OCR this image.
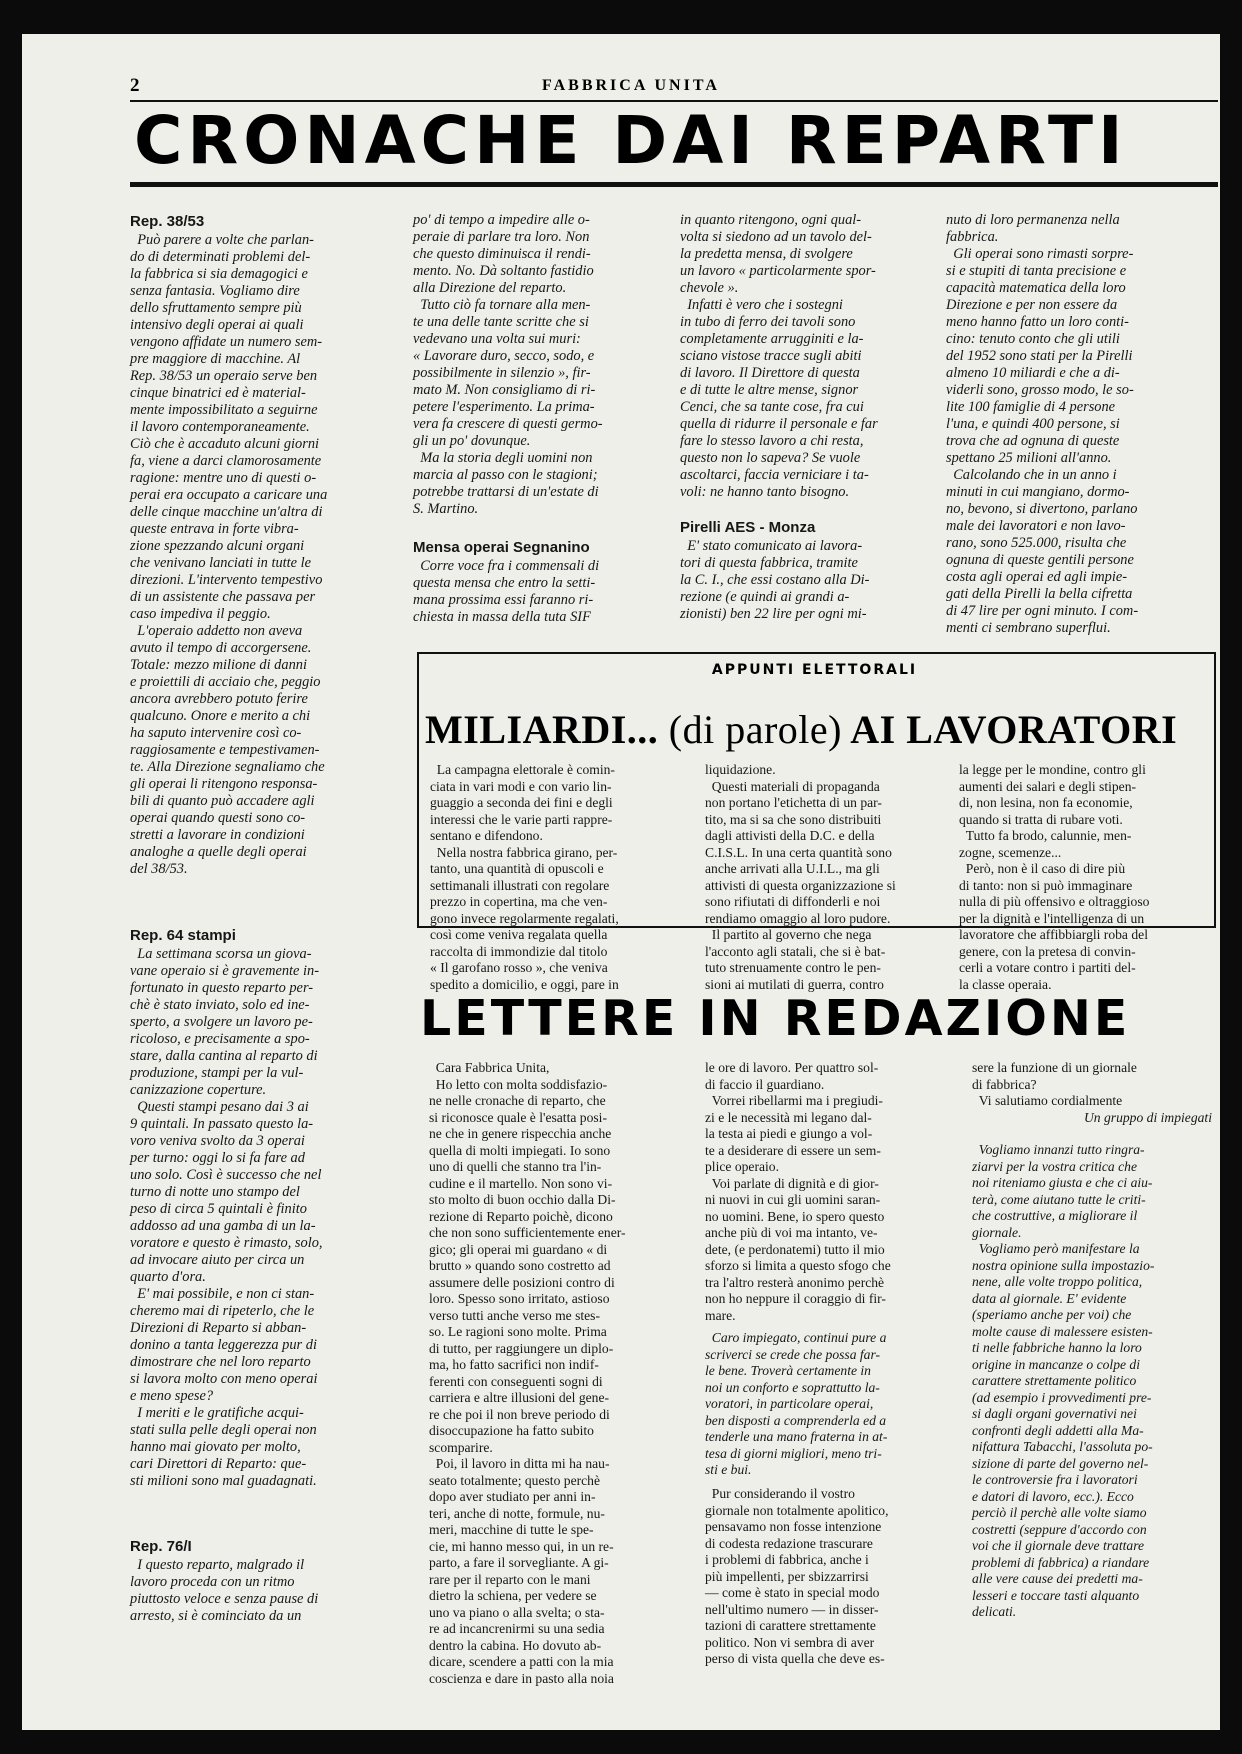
2	FABBRICA UNITA
CRONACHE DAI REPARTI
Rep. 38/53
Può parere a volte che parlan-
do di determinati problemi del-
la fabbrica si sia demagogici e
senza fantasia. Vogliamo dire
dello sfruttamento sempre più
intensivo degli operai ai quali
vengono affidate un numero sem-
pre maggiore di macchine. Al
Rep. 38/53 un operaio serve ben
cinque binatrici ed è material-
mente impossibilitato a seguirne
il lavoro contemporaneamente.
Ciò che è accaduto alcuni giorni
fa, viene a darci clamorosamente
ragione: mentre uno di questi o-
perai era occupato a caricare una
delle cinque macchine un'altra di
queste entrava in forte vibra-
zione spezzando alcuni organi
che venivano lanciati in tutte le
direzioni. L'intervento tempestivo
di un assistente che passava per
caso impediva il peggio.
L'operaio addetto non aveva
avuto il tempo di accorgersene.
Totale: mezzo milione di danni
e proiettili di acciaio che, peggio
ancora avrebbero potuto ferire
qualcuno. Onore e merito a chi
ha saputo intervenire così co-
raggiosamente e tempestivamen-
te. Alla Direzione segnaliamo che
gli operai li ritengono responsa-
bili di quanto può accadere agli
operai quando questi sono co-
stretti a lavorare in condizioni
analoghe a quelle degli operai
del 38/53.
Rep. 64 stampi
La settimana scorsa un giova-
vane operaio si è gravemente in-
fortunato in questo reparto per-
chè è stato inviato, solo ed ine-
sperto, a svolgere un lavoro pe-
ricoloso, e precisamente a spo-
stare, dalla cantina al reparto di
produzione, stampi per la vul-
canizzazione coperture.
Questi stampi pesano dai 3 ai
9 quintali. In passato questo la-
voro veniva svolto da 3 operai
per turno: oggi lo si fa fare ad
uno solo. Così è successo che nel
turno di notte uno stampo del
peso di circa 5 quintali è finito
addosso ad una gamba di un la-
voratore e questo è rimasto, solo,
ad invocare aiuto per circa un
quarto d'ora.
E' mai possibile, e non ci stan-
cheremo mai di ripeterlo, che le
Direzioni di Reparto si abban-
donino a tanta leggerezza pur di
dimostrare che nel loro reparto
si lavora molto con meno operai
e meno spese?
I meriti e le gratifiche acqui-
stati sulla pelle degli operai non
hanno mai giovato per molto,
cari Direttori di Reparto: que-
sti milioni sono mal guadagnati.
Rep. 76/I
I questo reparto, malgrado il
lavoro proceda con un ritmo
piuttosto veloce e senza pause di
arresto, si è cominciato da un
po' di tempo a impedire alle o-
peraie di parlare tra loro. Non
che questo diminuisca il rendi-
mento. No. Dà soltanto fastidio
alla Direzione del reparto.
Tutto ciò fa tornare alla men-
te una delle tante scritte che si
vedevano una volta sui muri:
« Lavorare duro, secco, sodo, e
possibilmente in silenzio », fir-
mato M. Non consigliamo di ri-
petere l'esperimento. La prima-
vera fa crescere di questi germo-
gli un po' dovunque.
Ma la storia degli uomini non
marcia al passo con le stagioni;
potrebbe trattarsi di un'estate di
S. Martino.
Mensa operai Segnanino
Corre voce fra i commensali di
questa mensa che entro la setti-
mana prossima essi faranno ri-
chiesta in massa della tuta SIF
in quanto ritengono, ogni qual-
volta si siedono ad un tavolo del-
la predetta mensa, di svolgere
un lavoro « particolarmente spor-
chevole ».
Infatti è vero che i sostegni
in tubo di ferro dei tavoli sono
completamente arrugginiti e la-
sciano vistose tracce sugli abiti
di lavoro. Il Direttore di questa
e di tutte le altre mense, signor
Cenci, che sa tante cose, fra cui
quella di ridurre il personale e far
fare lo stesso lavoro a chi resta,
questo non lo sapeva? Se vuole
ascoltarci, faccia verniciare i ta-
voli: ne hanno tanto bisogno.
Pirelli AES - Monza
E' stato comunicato ai lavora-
tori di questa fabbrica, tramite
la C. I., che essi costano alla Di-
rezione (e quindi ai grandi a-
zionisti) ben 22 lire per ogni mi-
nuto di loro permanenza nella
fabbrica.
Gli operai sono rimasti sorpre-
si e stupiti di tanta precisione e
capacità matematica della loro
Direzione e per non essere da
meno hanno fatto un loro conti-
cino: tenuto conto che gli utili
del 1952 sono stati per la Pirelli
almeno 10 miliardi e che a di-
viderli sono, grosso modo, le so-
lite 100 famiglie di 4 persone
l'una, e quindi 400 persone, si
trova che ad ognuna di queste
spettano 25 milioni all'anno.
Calcolando che in un anno i
minuti in cui mangiano, dormo-
no, bevono, si divertono, parlano
male dei lavoratori e non lavo-
rano, sono 525.000, risulta che
ognuna di queste gentili persone
costa agli operai ed agli impie-
gati della Pirelli la bella cifretta
di 47 lire per ogni minuto. I com-
menti ci sembrano superflui.
APPUNTI ELETTORALI
MILIARDI... (di parole) AI LAVORATORI
La campagna elettorale è comin-
ciata in vari modi e con vario lin-
guaggio a seconda dei fini e degli
interessi che le varie parti rappre-
sentano e difendono.
Nella nostra fabbrica girano, per-
tanto, una quantità di opuscoli e
settimanali illustrati con regolare
prezzo in copertina, ma che ven-
gono invece regolarmente regalati,
così come veniva regalata quella
raccolta di immondizie dal titolo
« Il garofano rosso », che veniva
spedito a domicilio, e oggi, pare in
liquidazione.
Questi materiali di propaganda
non portano l'etichetta di un par-
tito, ma si sa che sono distribuiti
dagli attivisti della D.C. e della
C.I.S.L. In una certa quantità sono
anche arrivati alla U.I.L., ma gli
attivisti di questa organizzazione si
sono rifiutati di diffonderli e noi
rendiamo omaggio al loro pudore.
Il partito al governo che nega
l'acconto agli statali, che si è bat-
tuto strenuamente contro le pen-
sioni ai mutilati di guerra, contro
la legge per le mondine, contro gli
aumenti dei salari e degli stipen-
di, non lesina, non fa economie,
quando si tratta di rubare voti.
Tutto fa brodo, calunnie, men-
zogne, scemenze...
Però, non è il caso di dire più
di tanto: non si può immaginare
nulla di più offensivo e oltraggioso
per la dignità e l'intelligenza di un
lavoratore che affibbiargli roba del
genere, con la pretesa di convin-
cerli a votare contro i partiti del-
la classe operaia.
LETTERE IN REDAZIONE
Cara Fabbrica Unita,
Ho letto con molta soddisfazio-
ne nelle cronache di reparto, che
si riconosce quale è l'esatta posi-
ne che in genere rispecchia anche
quella di molti impiegati. Io sono
uno di quelli che stanno tra l'in-
cudine e il martello. Non sono vi-
sto molto di buon occhio dalla Di-
rezione di Reparto poichè, dicono
che non sono sufficientemente ener-
gico; gli operai mi guardano « di
brutto » quando sono costretto ad
assumere delle posizioni contro di
loro. Spesso sono irritato, astioso
verso tutti anche verso me stes-
so. Le ragioni sono molte. Prima
di tutto, per raggiungere un diplo-
ma, ho fatto sacrifici non indif-
ferenti con conseguenti sogni di
carriera e altre illusioni del gene-
re che poi il non breve periodo di
disoccupazione ha fatto subito
scomparire.
Poi, il lavoro in ditta mi ha nau-
seato totalmente; questo perchè
dopo aver studiato per anni in-
teri, anche di notte, formule, nu-
meri, macchine di tutte le spe-
cie, mi hanno messo qui, in un re-
parto, a fare il sorvegliante. A gi-
rare per il reparto con le mani
dietro la schiena, per vedere se
uno va piano o alla svelta; o sta-
re ad incancrenirmi su una sedia
dentro la cabina. Ho dovuto ab-
dicare, scendere a patti con la mia
coscienza e dare in pasto alla noia
le ore di lavoro. Per quattro sol-
di faccio il guardiano.
Vorrei ribellarmi ma i pregiudi-
zi e le necessità mi legano dal-
la testa ai piedi e giungo a vol-
te a desiderare di essere un sem-
plice operaio.
Voi parlate di dignità e di gior-
ni nuovi in cui gli uomini saran-
no uomini. Bene, io spero questo
anche più di voi ma intanto, ve-
dete, (e perdonatemi) tutto il mio
sforzo si limita a questo sfogo che
tra l'altro resterà anonimo perchè
non ho neppure il coraggio di fir-
mare.
Caro impiegato, continui pure a
scriverci se crede che possa far-
le bene. Troverà certamente in
noi un conforto e soprattutto la-
voratori, in particolare operai,
ben disposti a comprenderla ed a
tenderle una mano fraterna in at-
tesa di giorni migliori, meno tri-
sti e bui.
Pur considerando il vostro
giornale non totalmente apolitico,
pensavamo non fosse intenzione
di codesta redazione trascurare
i problemi di fabbrica, anche i
più impellenti, per sbizzarrirsi
— come è stato in special modo
nell'ultimo numero — in disser-
tazioni di carattere strettamente
politico. Non vi sembra di aver
perso di vista quella che deve es-
sere la funzione di un giornale
di fabbrica?
Vi salutiamo cordialmente
Un gruppo di impiegati
Vogliamo innanzi tutto ringra-
ziarvi per la vostra critica che
noi riteniamo giusta e che ci aiu-
terà, come aiutano tutte le criti-
che costruttive, a migliorare il
giornale.
Vogliamo però manifestare la
nostra opinione sulla impostazio-
nene, alle volte troppo politica,
data al giornale. E' evidente
(speriamo anche per voi) che
molte cause di malessere esisten-
ti nelle fabbriche hanno la loro
origine in mancanze o colpe di
carattere strettamente politico
(ad esempio i provvedimenti pre-
si dagli organi governativi nei
confronti degli addetti alla Ma-
nifattura Tabacchi, l'assoluta po-
sizione di parte del governo nel-
le controversie fra i lavoratori
e datori di lavoro, ecc.). Ecco
perciò il perchè alle volte siamo
costretti (seppure d'accordo con
voi che il giornale deve trattare
problemi di fabbrica) a riandare
alle vere cause dei predetti ma-
lesseri e toccare tasti alquanto
delicati.
